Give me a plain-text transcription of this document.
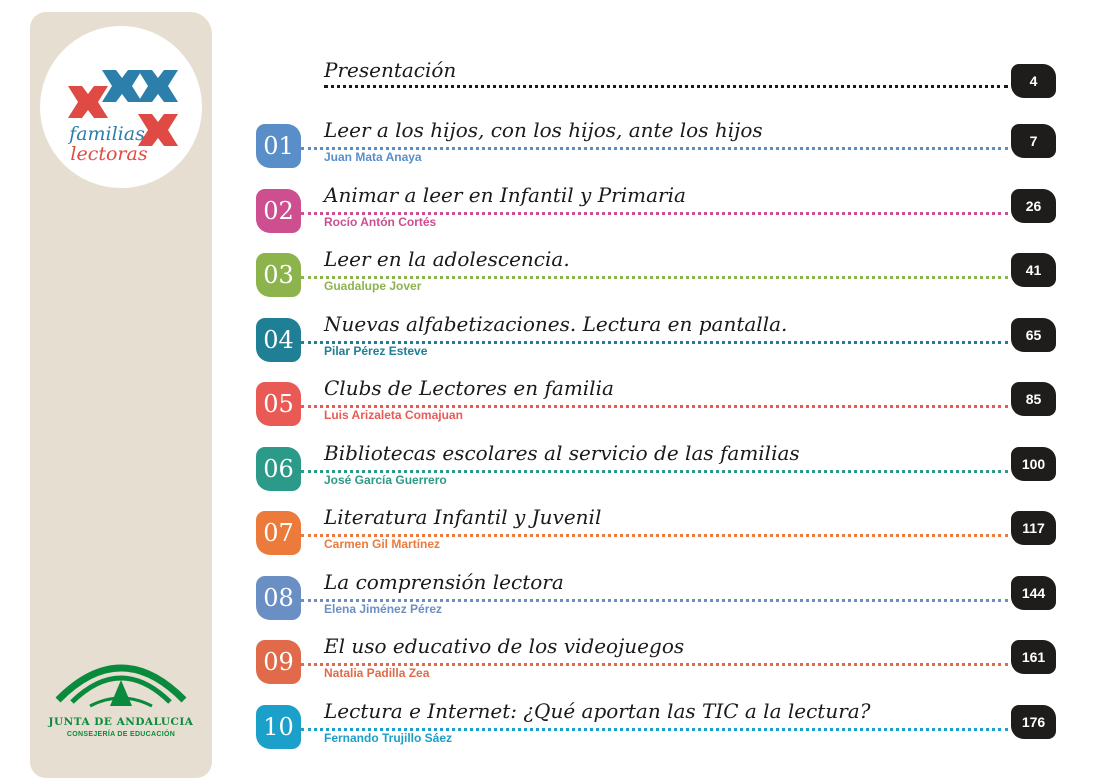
familias
lectoras
JUNTA DE ANDALUCIA
CONSEJERÍA DE EDUCACIÓN
Presentación	4
01
Leer a los hijos, con los hijos, ante los hijos
Juan Mata Anaya
7
02
Animar a leer en Infantil y Primaria
Rocío Antón Cortés
26
03
Leer en la adolescencia.
Guadalupe Jover
41
04
Nuevas alfabetizaciones. Lectura en pantalla.
Pilar Pérez Esteve
65
05
Clubs de Lectores en familia
Luis Arizaleta Comajuan
85
06
Bibliotecas escolares al servicio de las familias
José García Guerrero
100
07
Literatura Infantil y Juvenil
Carmen Gil Martínez
117
08
La comprensión lectora
Elena Jiménez Pérez
144
09
El uso educativo de los videojuegos
Natalia Padilla Zea
161
10
Lectura e Internet: ¿Qué aportan las TIC a la lectura?
Fernando Trujillo Sáez
176
